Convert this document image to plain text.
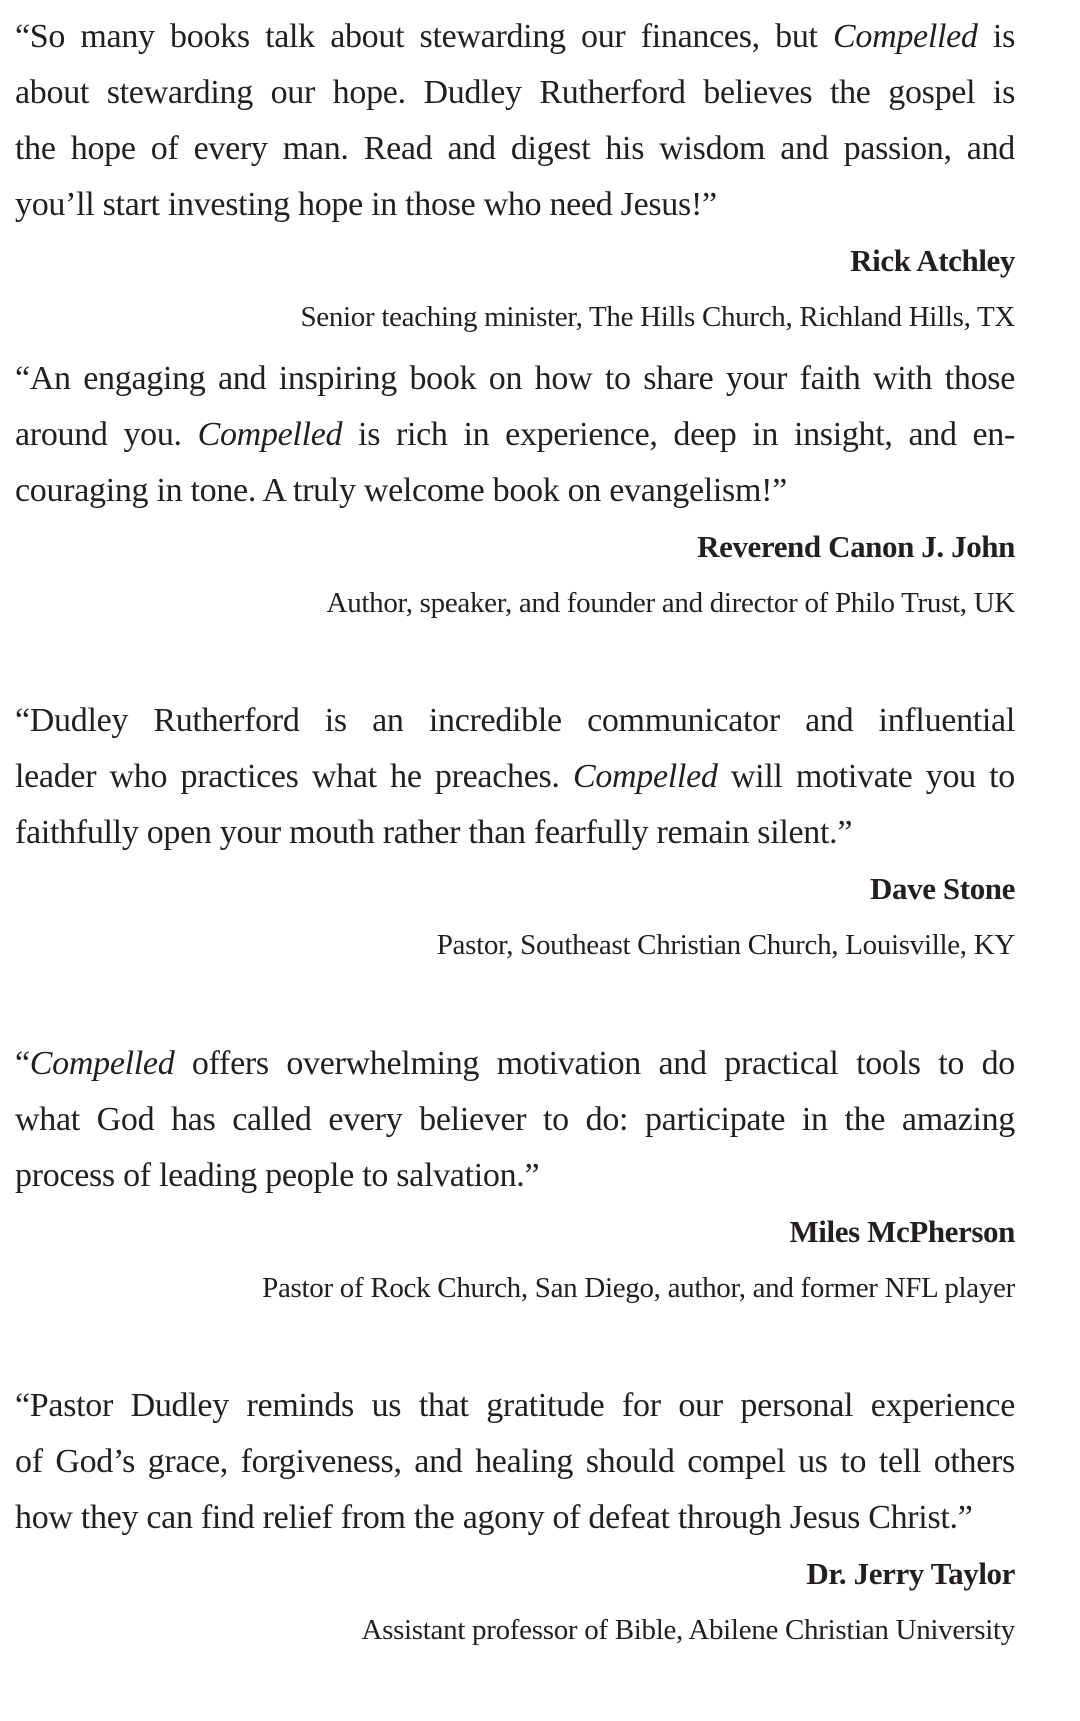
“So many books talk about stewarding our finances, but Compelled is
about stewarding our hope. Dudley Rutherford believes the gospel is
the hope of every man. Read and digest his wisdom and passion, and
you’ll start investing hope in those who need Jesus!”

Rick Atchley

Senior teaching minister, The Hills Church, Richland Hills, TX

“An engaging and inspiring book on how to share your faith with those
around you. Compelled is rich in experience, deep in insight, and en-
couraging in tone. A truly welcome book on evangelism!”

Reverend Canon J. John

Author, speaker, and founder and director of Philo Trust, UK

“Dudley Rutherford is an incredible communicator and influential
leader who practices what he preaches. Compelled will motivate you to
faithfully open your mouth rather than fearfully remain silent.”

Dave Stone

Pastor, Southeast Christian Church, Louisville, KY

“Compelled offers overwhelming motivation and practical tools to do
what God has called every believer to do: participate in the amazing
process of leading people to salvation.”

Miles McPherson

Pastor of Rock Church, San Diego, author, and former NFL player

“Pastor Dudley reminds us that gratitude for our personal experience
of God’s grace, forgiveness, and healing should compel us to tell others
how they can find relief from the agony of defeat through Jesus Christ.”

Dr. Jerry Taylor

Assistant professor of Bible, Abilene Christian University
